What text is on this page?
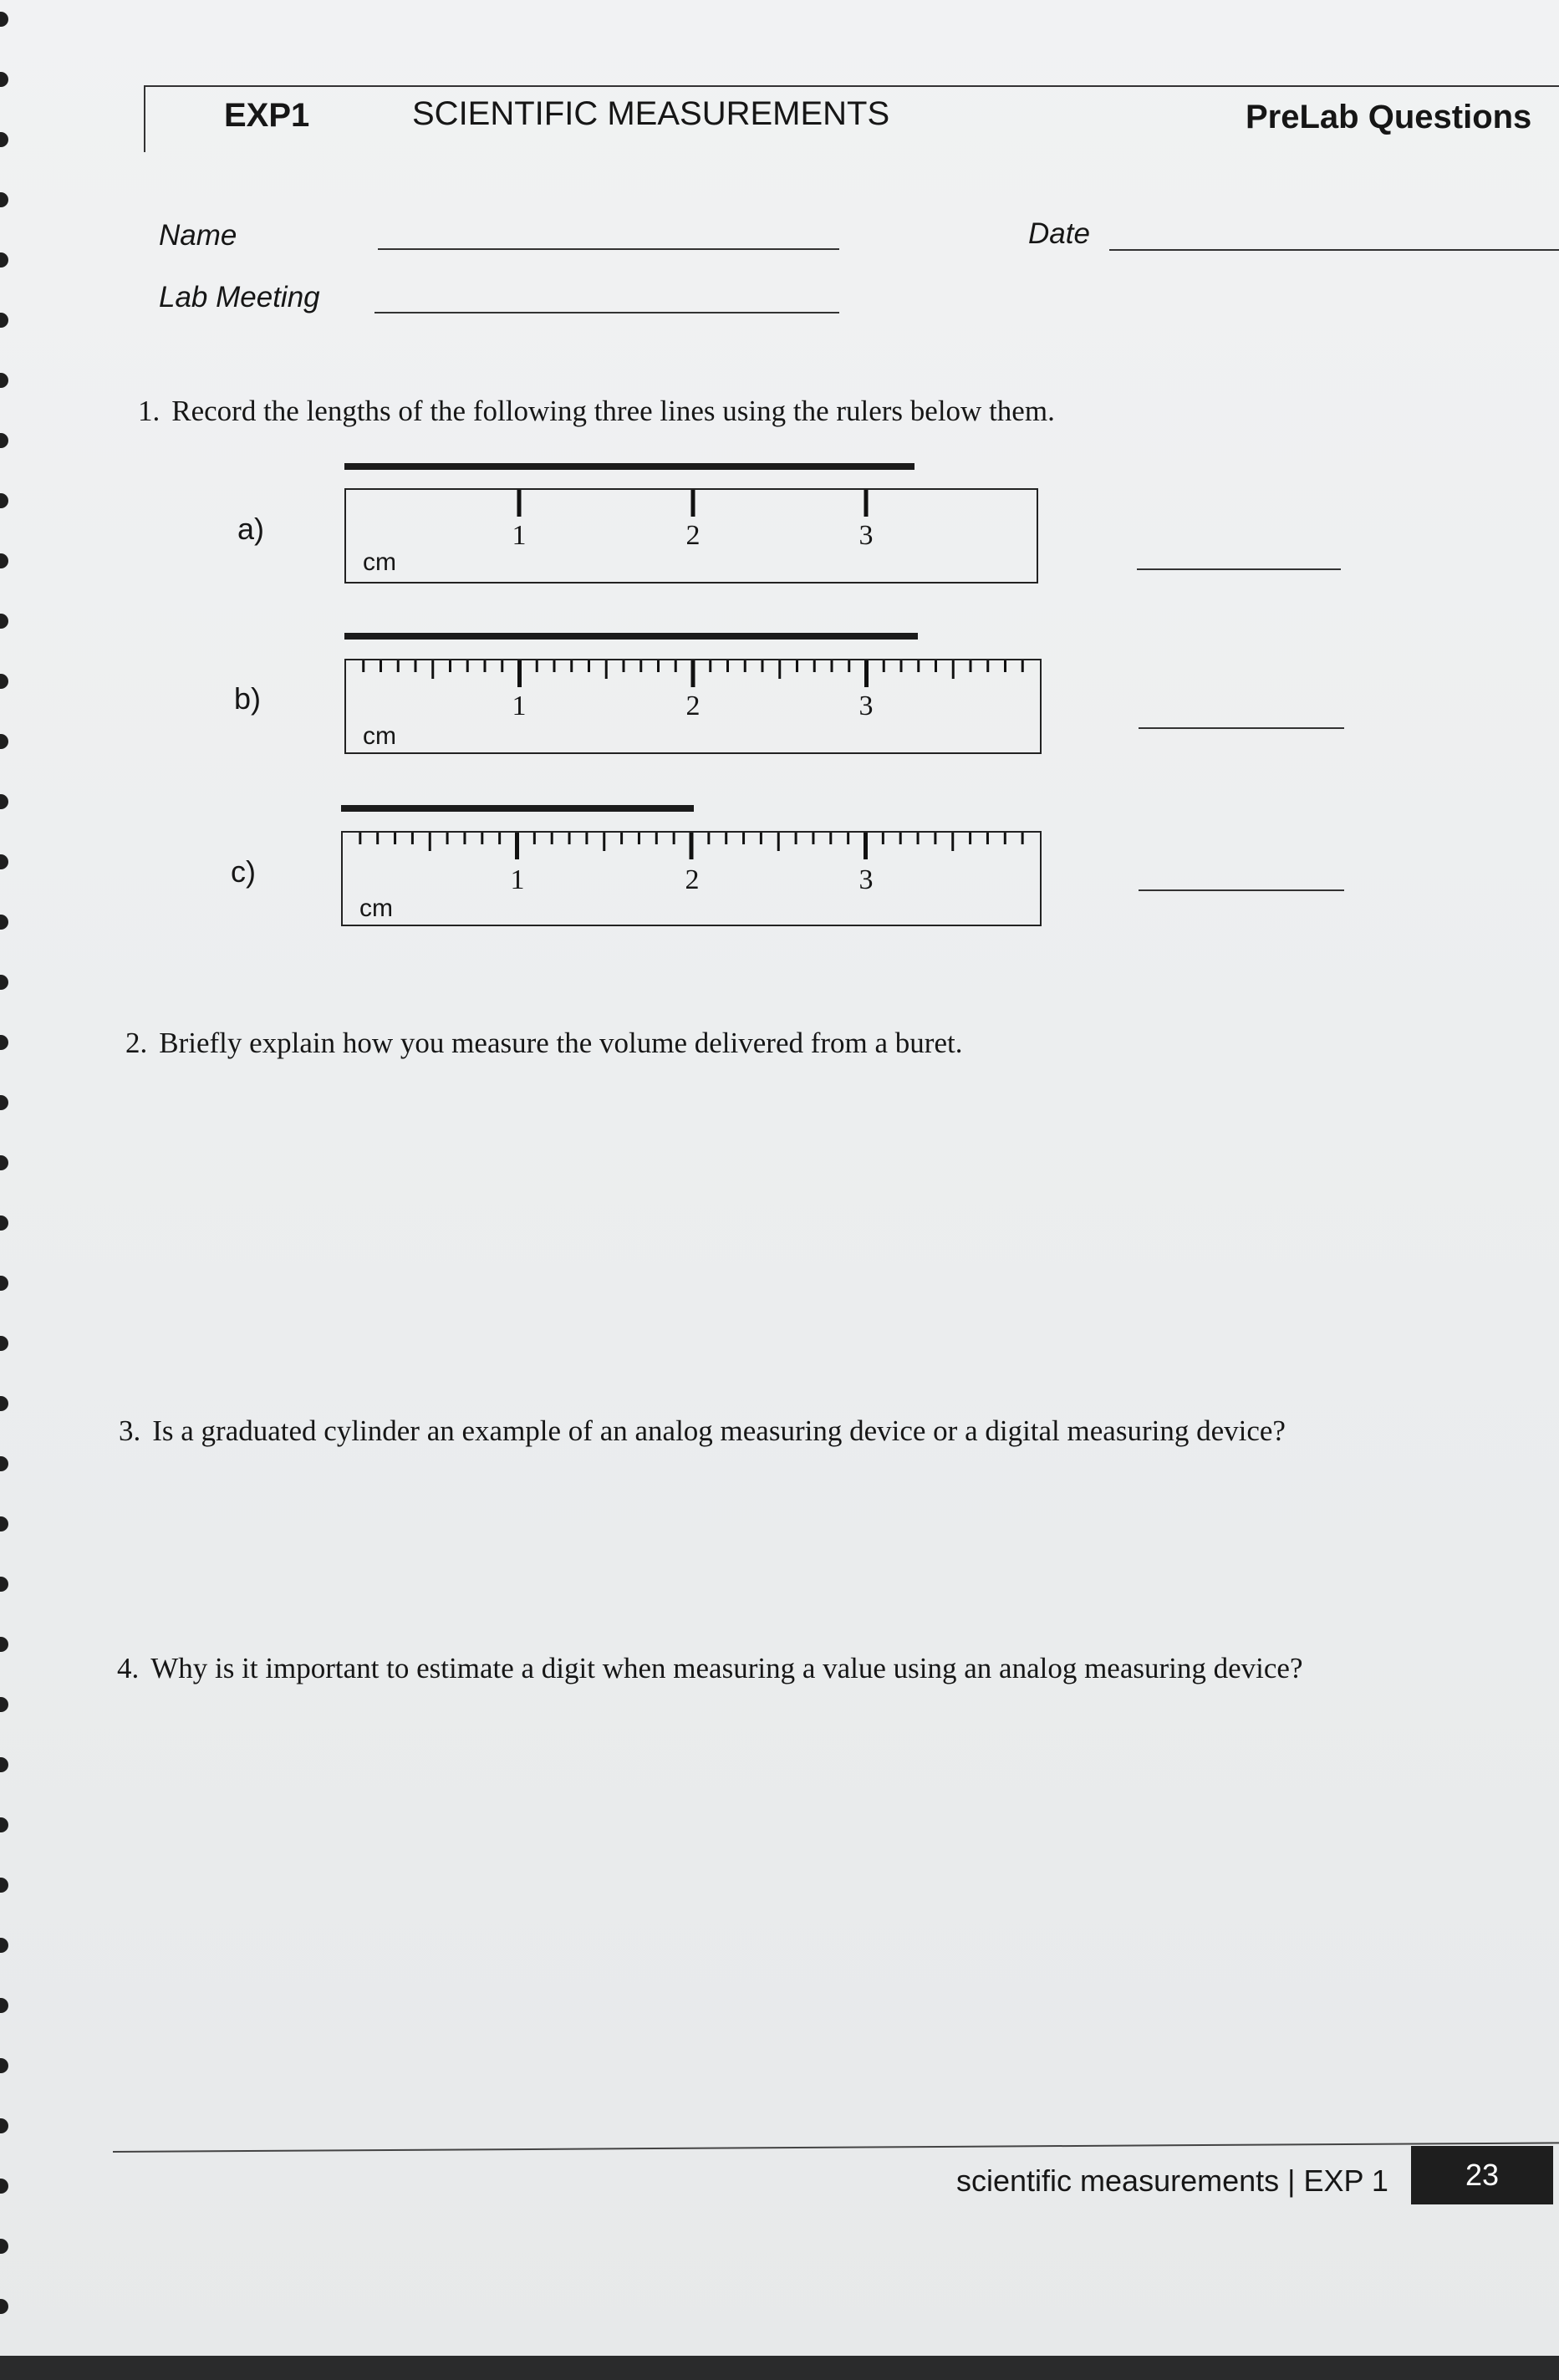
EXP1	SCIENTIFIC MEASUREMENTS	PreLab Questions
Name	Date
Lab Meeting
1. Record the lengths of the following three lines using the rulers below them.
a)	1	2	3
cm
b)	1	2	3
cm
c)	1	2	3
cm
2. Briefly explain how you measure the volume delivered from a buret.
3. Is a graduated cylinder an example of an analog measuring device or a digital measuring device?
4. Why is it important to estimate a digit when measuring a value using an analog measuring device?
scientific measurements | EXP 1	23
